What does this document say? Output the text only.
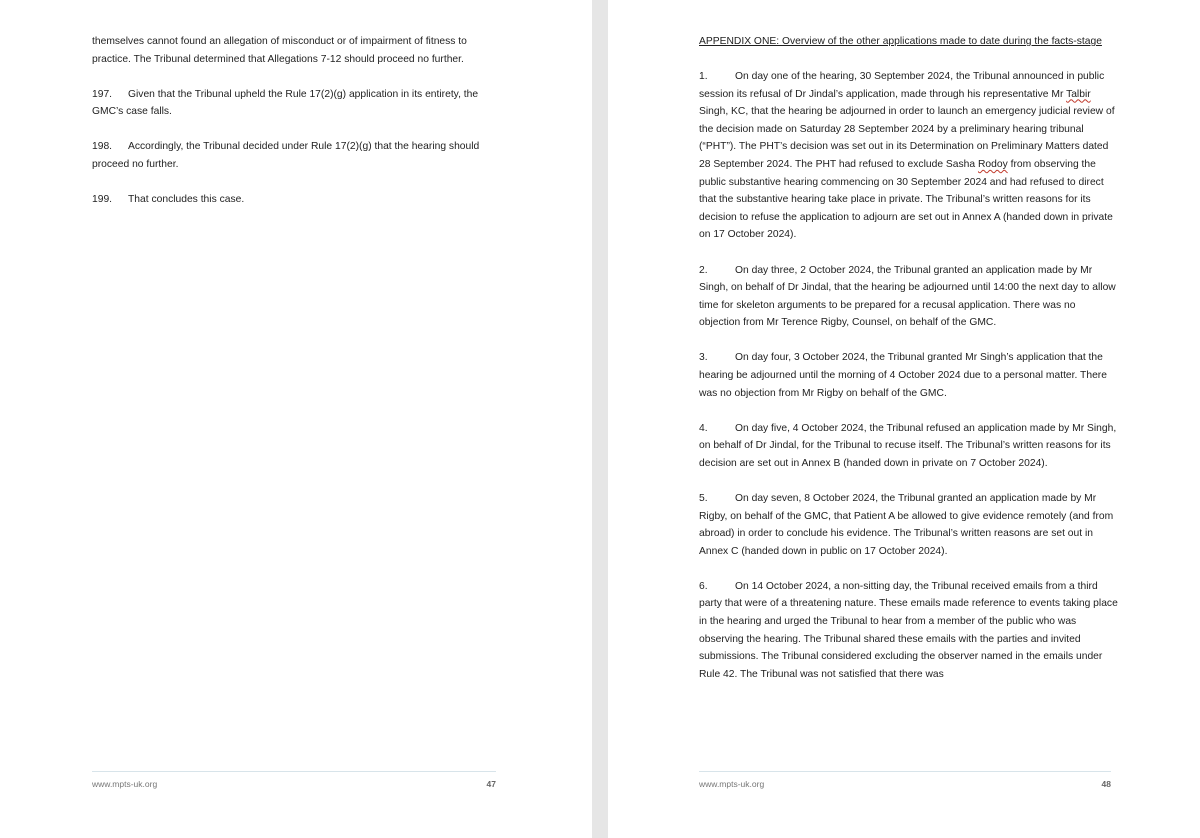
themselves cannot found an allegation of misconduct or of impairment of fitness to practice. The Tribunal determined that Allegations 7-12 should proceed no further.

197. Given that the Tribunal upheld the Rule 17(2)(g) application in its entirety, the GMC’s case falls.

198. Accordingly, the Tribunal decided under Rule 17(2)(g) that the hearing should proceed no further.

199. That concludes this case.

www.mpts-uk.org	47
APPENDIX ONE: Overview of the other applications made to date during the facts-stage

1.	On day one of the hearing, 30 September 2024, the Tribunal announced in public session its refusal of Dr Jindal’s application, made through his representative Mr Talbir Singh, KC, that the hearing be adjourned in order to launch an emergency judicial review of the decision made on Saturday 28 September 2024 by a preliminary hearing tribunal (“PHT”). The PHT’s decision was set out in its Determination on Preliminary Matters dated 28 September 2024. The PHT had refused to exclude Sasha Rodoy from observing the public substantive hearing commencing on 30 September 2024 and had refused to direct that the substantive hearing take place in private. The Tribunal’s written reasons for its decision to refuse the application to adjourn are set out in Annex A (handed down in private on 17 October 2024).

2.	On day three, 2 October 2024, the Tribunal granted an application made by Mr Singh, on behalf of Dr Jindal, that the hearing be adjourned until 14:00 the next day to allow time for skeleton arguments to be prepared for a recusal application. There was no objection from Mr Terence Rigby, Counsel, on behalf of the GMC.

3.	On day four, 3 October 2024, the Tribunal granted Mr Singh’s application that the hearing be adjourned until the morning of 4 October 2024 due to a personal matter. There was no objection from Mr Rigby on behalf of the GMC.

4.	On day five, 4 October 2024, the Tribunal refused an application made by Mr Singh, on behalf of Dr Jindal, for the Tribunal to recuse itself. The Tribunal’s written reasons for its decision are set out in Annex B (handed down in private on 7 October 2024).

5.	On day seven, 8 October 2024, the Tribunal granted an application made by Mr Rigby, on behalf of the GMC, that Patient A be allowed to give evidence remotely (and from abroad) in order to conclude his evidence. The Tribunal’s written reasons are set out in Annex C (handed down in public on 17 October 2024).

6.	On 14 October 2024, a non-sitting day, the Tribunal received emails from a third party that were of a threatening nature. These emails made reference to events taking place in the hearing and urged the Tribunal to hear from a member of the public who was observing the hearing. The Tribunal shared these emails with the parties and invited submissions. The Tribunal considered excluding the observer named in the emails under Rule 42. The Tribunal was not satisfied that there was

www.mpts-uk.org	48
